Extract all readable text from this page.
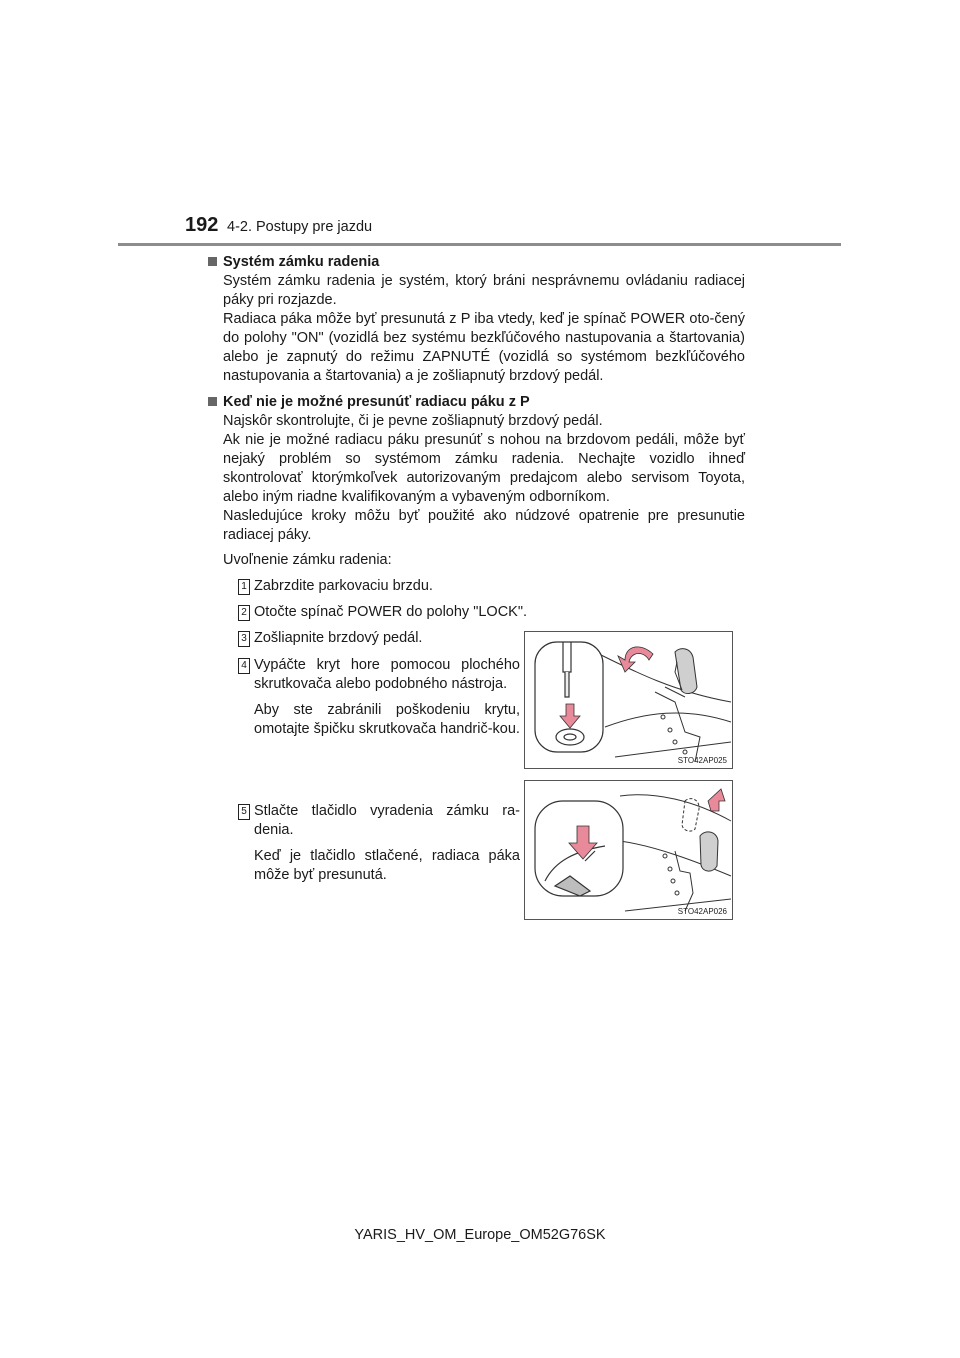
192 4-2. Postupy pre jazdu

Systém zámku radenia

Systém zámku radenia je systém, ktorý bráni nesprávnemu ovládaniu radiacej páky pri rozjazde.

Radiaca páka môže byť presunutá z P iba vtedy, keď je spínač POWER oto-čený do polohy "ON" (vozidlá bez systému bezkľúčového nastupovania a štartovania) alebo je zapnutý do režimu ZAPNUTÉ (vozidlá so systémom bezkľúčového nastupovania a štartovania) a je zošliapnutý brzdový pedál.

Keď nie je možné presunúť radiacu páku z P

Najskôr skontrolujte, či je pevne zošliapnutý brzdový pedál.

Ak nie je možné radiacu páku presunúť s nohou na brzdovom pedáli, môže byť nejaký problém so systémom zámku radenia. Nechajte vozidlo ihneď skontrolovať ktorýmkoľvek autorizovaným predajcom alebo servisom Toyota, alebo iným riadne kvalifikovaným a vybaveným odborníkom.

Nasledujúce kroky môžu byť použité ako núdzové opatrenie pre presunutie radiacej páky.

Uvoľnenie zámku radenia:

1 Zabrzdite parkovaciu brzdu.
2 Otočte spínač POWER do polohy "LOCK".
3 Zošliapnite brzdový pedál.
4 Vypáčte kryt hore pomocou plochého skrutkovača alebo podobného nástroja.
Aby ste zabránili poškodeniu krytu, omotajte špičku skrutkovača handrič-kou.
5 Stlačte tlačidlo vyradenia zámku ra-denia.
Keď je tlačidlo stlačené, radiaca páka môže byť presunutá.
STO42AP025
STO42AP026
YARIS_HV_OM_Europe_OM52G76SK
